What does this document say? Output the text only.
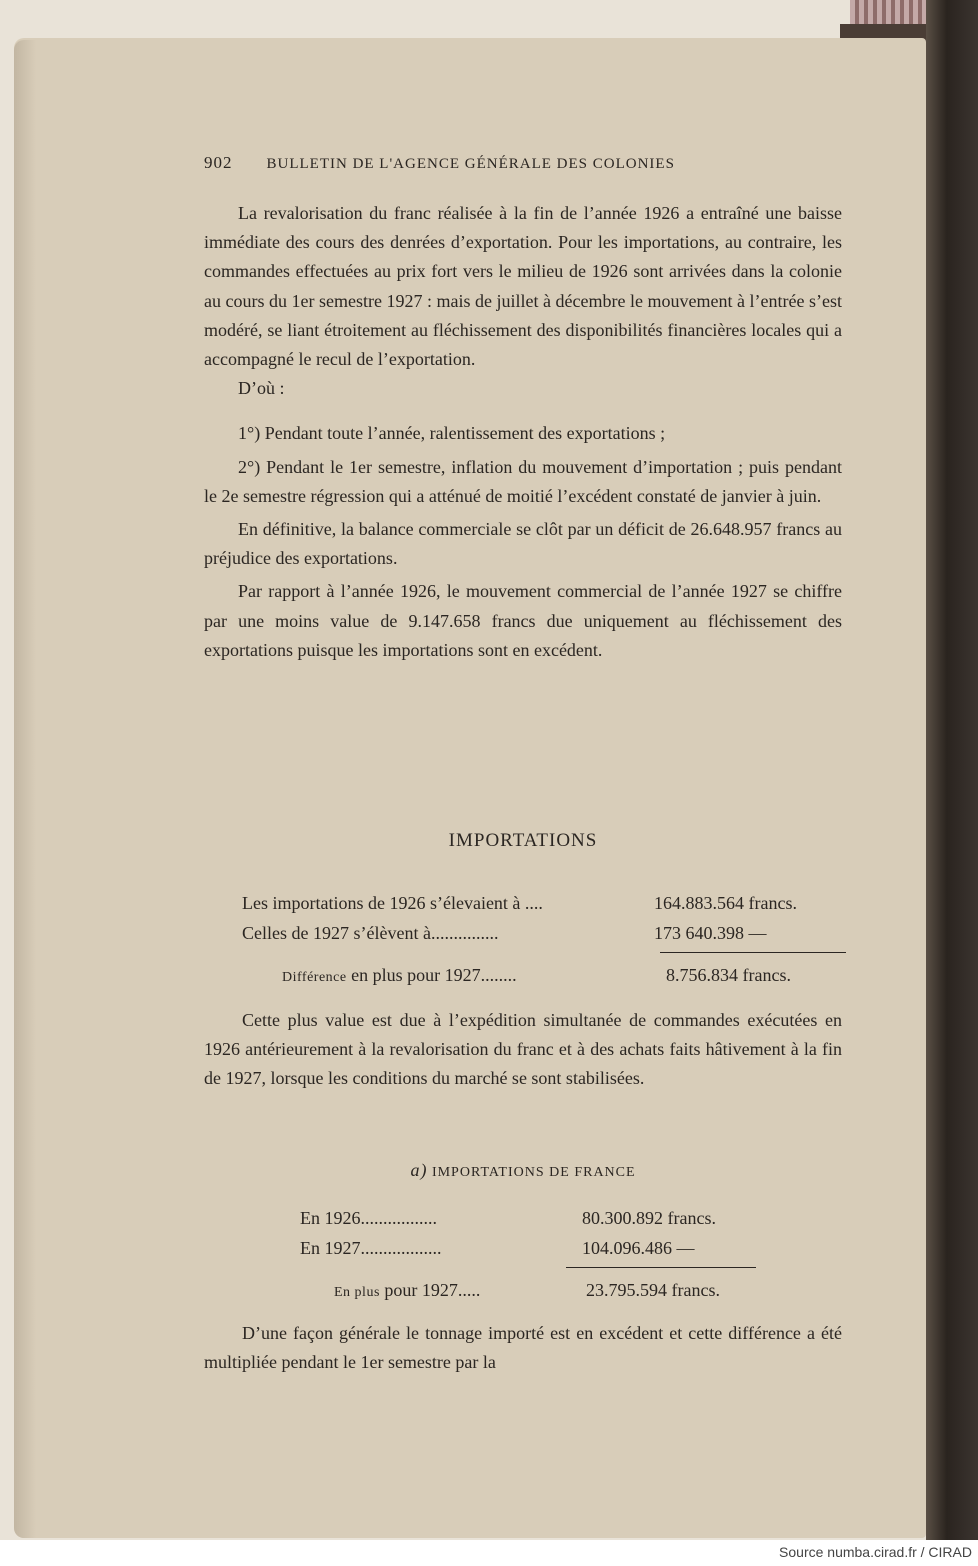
902 BULLETIN DE L'AGENCE GÉNÉRALE DES COLONIES

La revalorisation du franc réalisée à la fin de l’année 1926 a entraîné une baisse immédiate des cours des denrées d’exportation. Pour les importations, au contraire, les commandes effectuées au prix fort vers le milieu de 1926 sont arrivées dans la colonie au cours du 1er semestre 1927 : mais de juillet à décembre le mouvement à l’entrée s’est modéré, se liant étroitement au fléchissement des disponibilités financières locales qui a accompagné le recul de l’exportation.

D’où :

1°) Pendant toute l’année, ralentissement des exportations ;

2°) Pendant le 1er semestre, inflation du mouvement d’importation ; puis pendant le 2e semestre régression qui a atténué de moitié l’excédent constaté de janvier à juin.

En définitive, la balance commerciale se clôt par un déficit de 26.648.957 francs au préjudice des exportations.

Par rapport à l’année 1926, le mouvement commercial de l’année 1927 se chiffre par une moins value de 9.147.658 francs due uniquement au fléchissement des exportations puisque les importations sont en excédent.

IMPORTATIONS
Les importations de 1926 s’élevaient à ....	164.883.564 francs.
Celles de 1927 s’élèvent à...............	173 640.398 —
Différence en plus pour 1927........	8.756.834 francs.

Cette plus value est due à l’expédition simultanée de commandes exécutées en 1926 antérieurement à la revalorisation du franc et à des achats faits hâtivement à la fin de 1927, lorsque les conditions du marché se sont stabilisées.

a) IMPORTATIONS DE FRANCE
En 1926.................	80.300.892 francs.
En 1927..................	104.096.486 —
En plus pour 1927.....	23.795.594 francs.

D’une façon générale le tonnage importé est en excédent et cette différence a été multipliée pendant le 1er semestre par la

Source numba.cirad.fr / CIRAD
